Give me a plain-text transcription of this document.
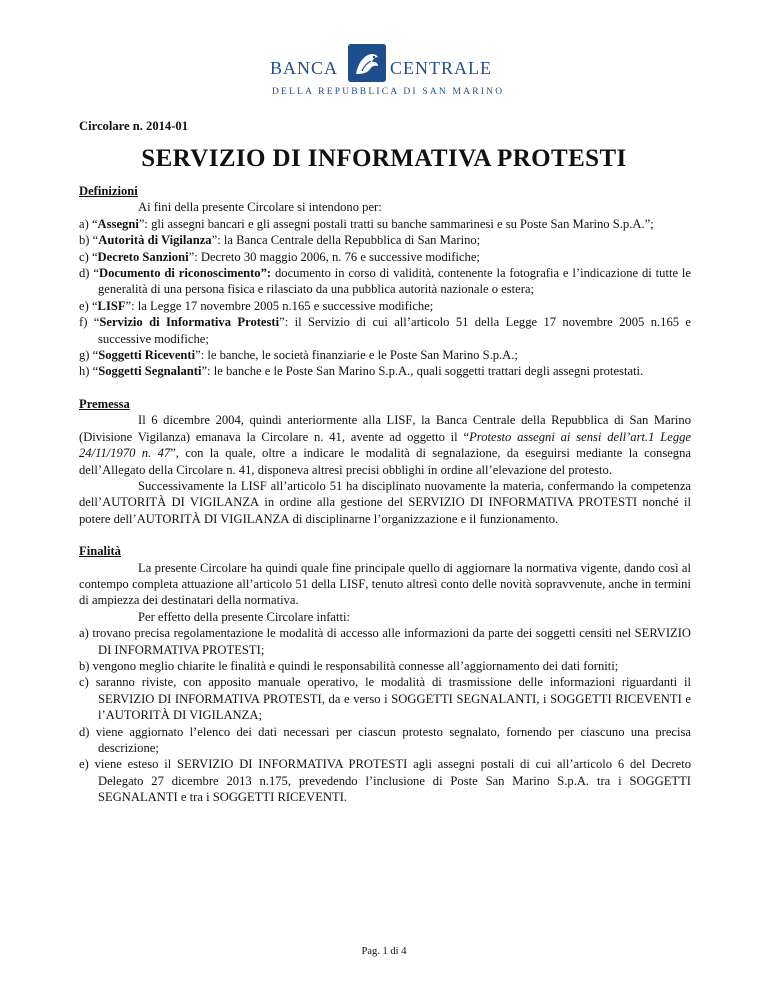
BANCA	CENTRALE
DELLA REPUBBLICA DI SAN MARINO
Circolare n. 2014-01
SERVIZIO DI INFORMATIVA PROTESTI
Definizioni

Ai fini della presente Circolare si intendono per:

a) “Assegni”: gli assegni bancari e gli assegni postali tratti su banche sammarinesi e su Poste San Marino S.p.A.”;
b) “Autorità di Vigilanza”: la Banca Centrale della Repubblica di San Marino;
c) “Decreto Sanzioni”: Decreto 30 maggio 2006, n. 76 e successive modifiche;
d) “Documento di riconoscimento”: documento in corso di validità, contenente la fotografia e l’indicazione di tutte le generalità di una persona fisica e rilasciato da una pubblica autorità nazionale o estera;
e) “LISF”: la Legge 17 novembre 2005 n.165 e successive modifiche;
f) “Servizio di Informativa Protesti”: il Servizio di cui all’articolo 51 della Legge 17 novembre 2005 n.165 e successive modifiche;
g) “Soggetti Riceventi”: le banche, le società finanziarie e le Poste San Marino S.p.A.;
h) “Soggetti Segnalanti”: le banche e le Poste San Marino S.p.A., quali soggetti trattari degli assegni protestati.
Premessa

Il 6 dicembre 2004, quindi anteriormente alla LISF, la Banca Centrale della Repubblica di San Marino (Divisione Vigilanza) emanava la Circolare n. 41, avente ad oggetto il “Protesto assegni ai sensi dell’art.1 Legge 24/11/1970 n. 47”, con la quale, oltre a indicare le modalità di segnalazione, da eseguirsi mediante la consegna dell’Allegato della Circolare n. 41, disponeva altresì precisi obblighi in ordine all’elevazione del protesto.

Successivamente la LISF all’articolo 51 ha disciplinato nuovamente la materia, confermando la competenza dell’AUTORITÀ DI VIGILANZA in ordine alla gestione del SERVIZIO DI INFORMATIVA PROTESTI nonché il potere dell’AUTORITÀ DI VIGILANZA di disciplinarne l’organizzazione e il funzionamento.

Finalità

La presente Circolare ha quindi quale fine principale quello di aggiornare la normativa vigente, dando così al contempo completa attuazione all’articolo 51 della LISF, tenuto altresì conto delle novità sopravvenute, anche in termini di ampiezza dei destinatari della normativa.

Per effetto della presente Circolare infatti:

a) trovano precisa regolamentazione le modalità di accesso alle informazioni da parte dei soggetti censiti nel SERVIZIO DI INFORMATIVA PROTESTI;
b) vengono meglio chiarite le finalità e quindi le responsabilità connesse all’aggiornamento dei dati forniti;
c) saranno riviste, con apposito manuale operativo, le modalità di trasmissione delle informazioni riguardanti il SERVIZIO DI INFORMATIVA PROTESTI, da e verso i SOGGETTI SEGNALANTI, i SOGGETTI RICEVENTI e l’AUTORITÀ DI VIGILANZA;
d) viene aggiornato l’elenco dei dati necessari per ciascun protesto segnalato, fornendo per ciascuno una precisa descrizione;
e) viene esteso il SERVIZIO DI INFORMATIVA PROTESTI agli assegni postali di cui all’articolo 6 del Decreto Delegato 27 dicembre 2013 n.175, prevedendo l’inclusione di Poste San Marino S.p.A. tra i SOGGETTI SEGNALANTI e tra i SOGGETTI RICEVENTI.
Pag. 1 di 4
